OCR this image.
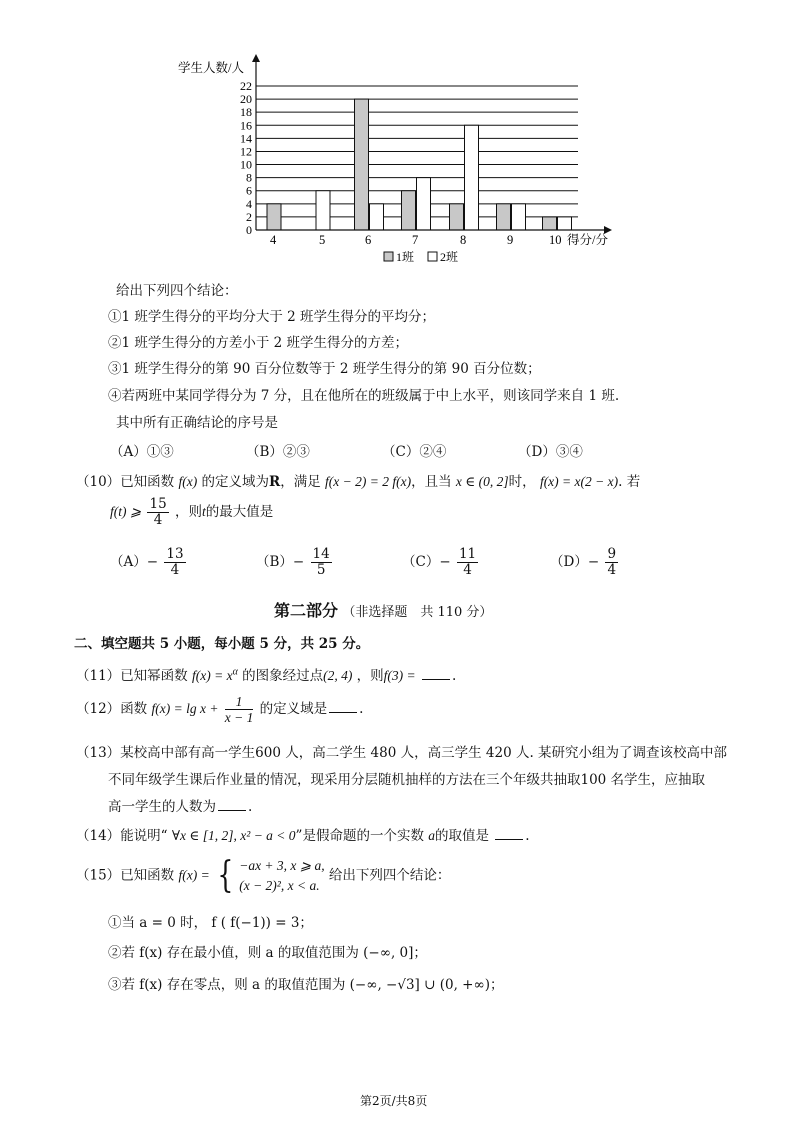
学生人数/人
0
2
4
6
8
10
12
14
16
18
20
22
4	5	6	7	8	9	10 得分/分
1班 2班
给出下列四个结论：
①1 班学生得分的平均分大于 2 班学生得分的平均分；
②1 班学生得分的方差小于 2 班学生得分的方差；
③1 班学生得分的第 90 百分位数等于 2 班学生得分的第 90 百分位数；
④若两班中某同学得分为 7 分，且在他所在的班级属于中上水平，则该同学来自 1 班.
其中所有正确结论的序号是
（A）①③	（B）②③	（C）②④	（D）③④
（10）已知函数 f(x) 的定义域为R，满足 f(x − 2) = 2 f(x)，且当 x ∈ (0, 2]时， f(x) = x(2 − x). 若
f(t) ⩾ $\frac{15}{4}$ ，则t的最大值是
$(A)- \frac{13}{4}$	$(B)- \frac{14}{5}$	$(C)- \frac{11}{4}$	$(D)- \frac{9}{4}$
第二部分 （非选择题　共 110 分）
二、填空题共 5 小题，每小题 5 分，共 25 分。
（11）已知幂函数 $f(x) = x^\alpha$ 的图象经过点(2, 4) ，则f(3) =	.
（12）函数 $f(x) = \lg x + \frac{1}{x - 1}$ 的定义域是 .
（13）某校高中部有高一学生600 人，高二学生 480 人，高三学生 420 人. 某研究小组为了调查该校高中部
不同年级学生课后作业量的情况，现采用分层随机抽样的方法在三个年级共抽取100 名学生，应抽取
高一学生的人数为 .
（14）能说明“ ∀x ∈ [1, 2], x² − a < 0”是假命题的一个实数 a的取值是	.
（15）已知函数 f(x) = { −ax + 3, x ⩾ a,
(x − 2)², x < a.
给出下列四个结论：
①当 a = 0 时， f ( f(−1)) = 3；
②若 f(x) 存在最小值，则 a 的取值范围为 (−∞, 0]；
③若 f(x) 存在零点，则 a 的取值范围为 (−∞, −√3] ∪ (0, +∞)；
第2页/共8页
